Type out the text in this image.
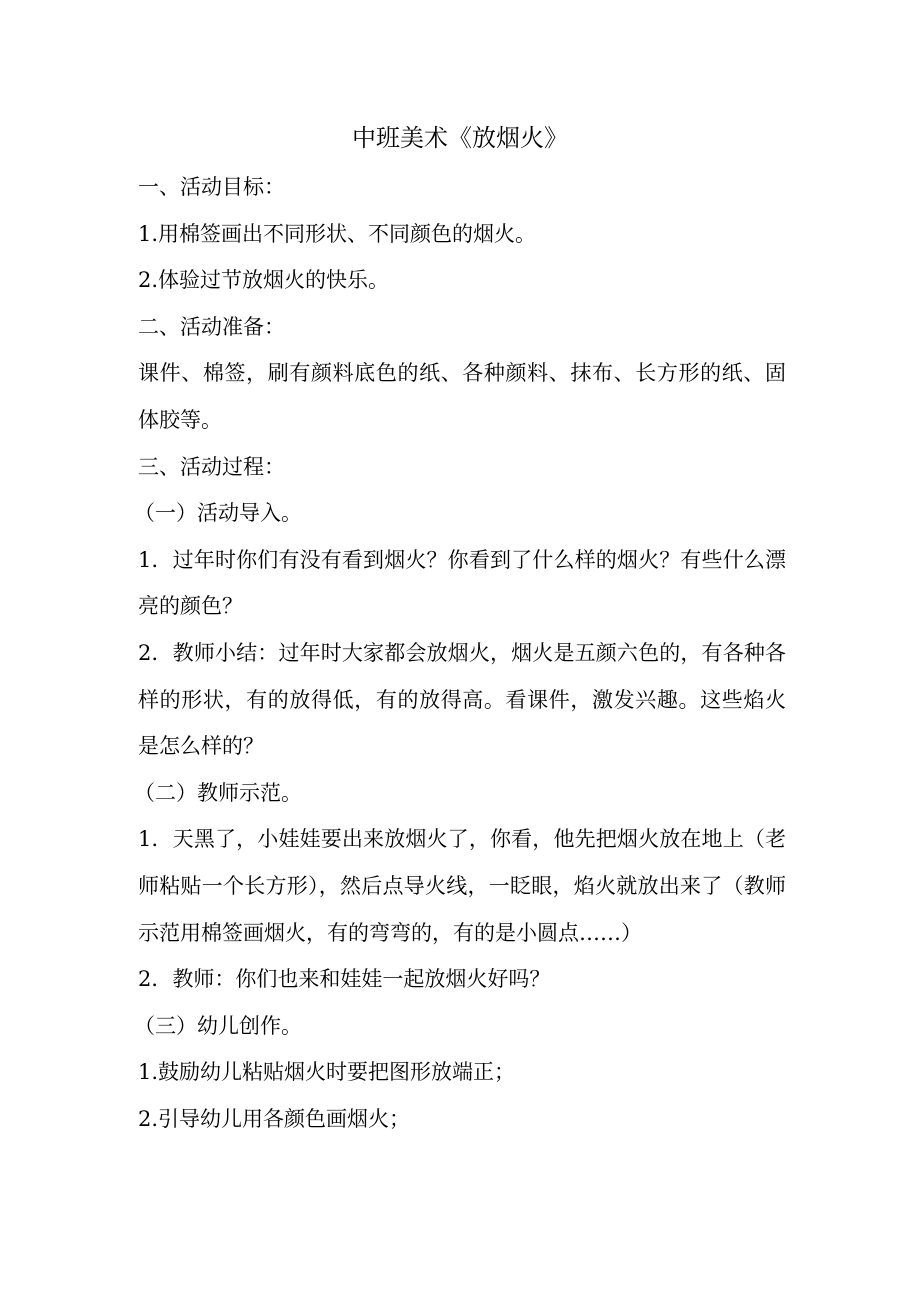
中班美术《放烟火》

一、活动目标：

1.用棉签画出不同形状、不同颜色的烟火。

2.体验过节放烟火的快乐。

二、活动准备：

课件、棉签，刷有颜料底色的纸、各种颜料、抹布、长方形的纸、固体胶等。

三、活动过程：

（一）活动导入。

1．过年时你们有没有看到烟火？你看到了什么样的烟火？有些什么漂亮的颜色？

2．教师小结：过年时大家都会放烟火，烟火是五颜六色的，有各种各样的形状，有的放得低，有的放得高。看课件，激发兴趣。这些焰火是怎么样的？

（二）教师示范。

1．天黑了，小娃娃要出来放烟火了，你看，他先把烟火放在地上（老师粘贴一个长方形），然后点导火线，一眨眼，焰火就放出来了（教师示范用棉签画烟火，有的弯弯的，有的是小圆点……）

2．教师：你们也来和娃娃一起放烟火好吗？

（三）幼儿创作。

1.鼓励幼儿粘贴烟火时要把图形放端正；

2.引导幼儿用各颜色画烟火；
